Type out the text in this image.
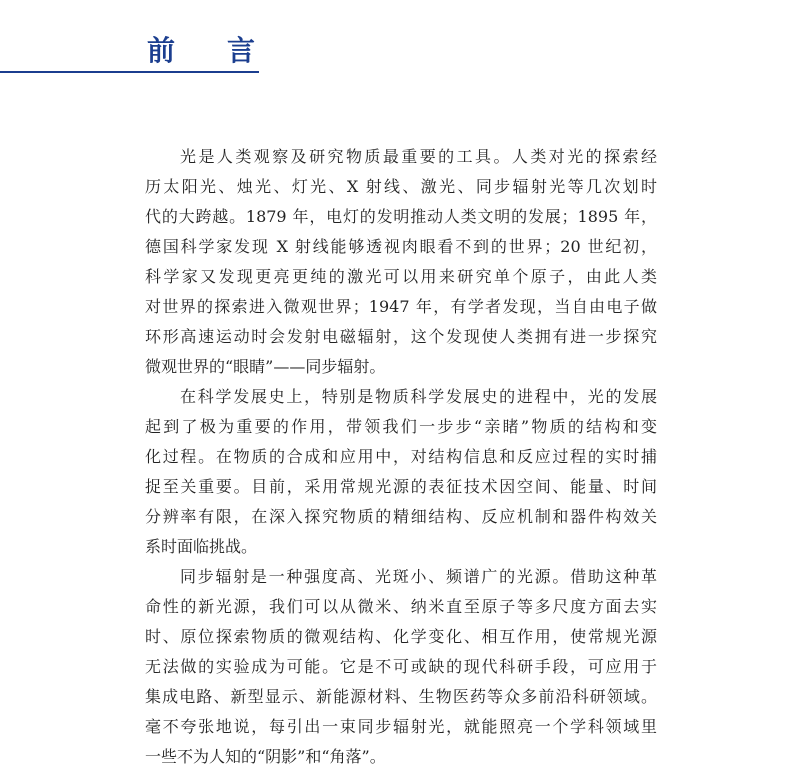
前 言
光是人类观察及研究物质最重要的工具。人类对光的探索经
历太阳光、烛光、灯光、X 射线、激光、同步辐射光等几次划时
代的大跨越。1879 年，电灯的发明推动人类文明的发展；1895 年，
德国科学家发现 X 射线能够透视肉眼看不到的世界；20 世纪初，
科学家又发现更亮更纯的激光可以用来研究单个原子，由此人类
对世界的探索进入微观世界；1947 年，有学者发现，当自由电子做
环形高速运动时会发射电磁辐射，这个发现使人类拥有进一步探究
微观世界的“眼睛”——同步辐射。
在科学发展史上，特别是物质科学发展史的进程中，光的发展
起到了极为重要的作用，带领我们一步步“亲睹”物质的结构和变
化过程。在物质的合成和应用中，对结构信息和反应过程的实时捕
捉至关重要。目前，采用常规光源的表征技术因空间、能量、时间
分辨率有限，在深入探究物质的精细结构、反应机制和器件构效关
系时面临挑战。
同步辐射是一种强度高、光斑小、频谱广的光源。借助这种革
命性的新光源，我们可以从微米、纳米直至原子等多尺度方面去实
时、原位探索物质的微观结构、化学变化、相互作用，使常规光源
无法做的实验成为可能。它是不可或缺的现代科研手段，可应用于
集成电路、新型显示、新能源材料、生物医药等众多前沿科研领域。
毫不夸张地说，每引出一束同步辐射光，就能照亮一个学科领域里
一些不为人知的“阴影”和“角落”。
